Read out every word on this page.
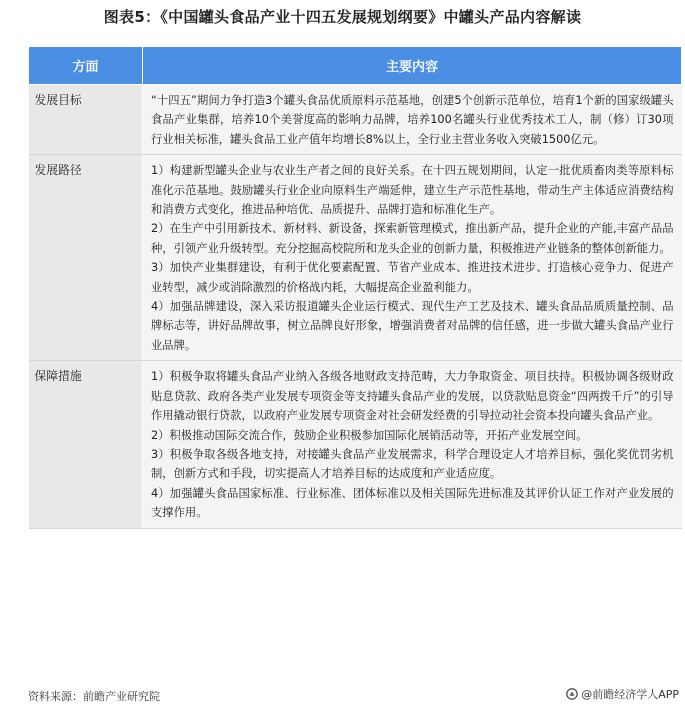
图表5：《中国罐头食品产业十四五发展规划纲要》中罐头产品内容解读
方面	主要内容
发展目标	“十四五”期间力争打造3个罐头食品优质原料示范基地，创建5个创新示范单位，培育1个新的国家级罐头食品产业集群，培养10个美誉度高的影响力品牌，培养100名罐头行业优秀技术工人，制（修）订30项行业相关标准，罐头食品工业产值年均增长8%以上，全行业主营业务收入突破1500亿元。

发展路径	1）构建新型罐头企业与农业生产者之间的良好关系。在十四五规划期间，认定一批优质畜肉类等原料标准化示范基地。鼓励罐头行业企业向原料生产端延伸，建立生产示范性基地，带动生产主体适应消费结构和消费方式变化，推进品种培优、品质提升、品牌打造和标准化生产。

2）在生产中引用新技术、新材料、新设备，探索新管理模式，推出新产品，提升企业的产能,丰富产品品种，引领产业升级转型。充分挖掘高校院所和龙头企业的创新力量，积极推进产业链条的整体创新能力。

3）加快产业集群建设，有利于优化要素配置、节省产业成本、推进技术进步、打造核心竞争力、促进产业转型，减少或消除激烈的价格战内耗，大幅提高企业盈利能力。

4）加强品牌建设，深入采访报道罐头企业运行模式、现代生产工艺及技术、罐头食品品质质量控制、品牌标志等，讲好品牌故事，树立品牌良好形象，增强消费者对品牌的信任感，进一步做大罐头食品产业行业品牌。

保障措施	1）积极争取将罐头食品产业纳入各级各地财政支持范畴，大力争取资金、项目扶持。积极协调各级财政贴息贷款、政府各类产业发展专项资金等支持罐头食品产业的发展，以贷款贴息资金“四两拨千斤”的引导作用撬动银行贷款，以政府产业发展专项资金对社会研发经费的引导拉动社会资本投向罐头食品产业。

2）积极推动国际交流合作，鼓励企业积极参加国际化展销活动等，开拓产业发展空间。

3）积极争取各级各地支持，对接罐头食品产业发展需求，科学合理设定人才培养目标，强化奖优罚劣机制，创新方式和手段，切实提高人才培养目标的达成度和产业适应度。

4）加强罐头食品国家标准、行业标准、团体标准以及相关国际先进标准及其评价认证工作对产业发展的支撑作用。

资料来源：前瞻产业研究院	@前瞻经济学人APP
